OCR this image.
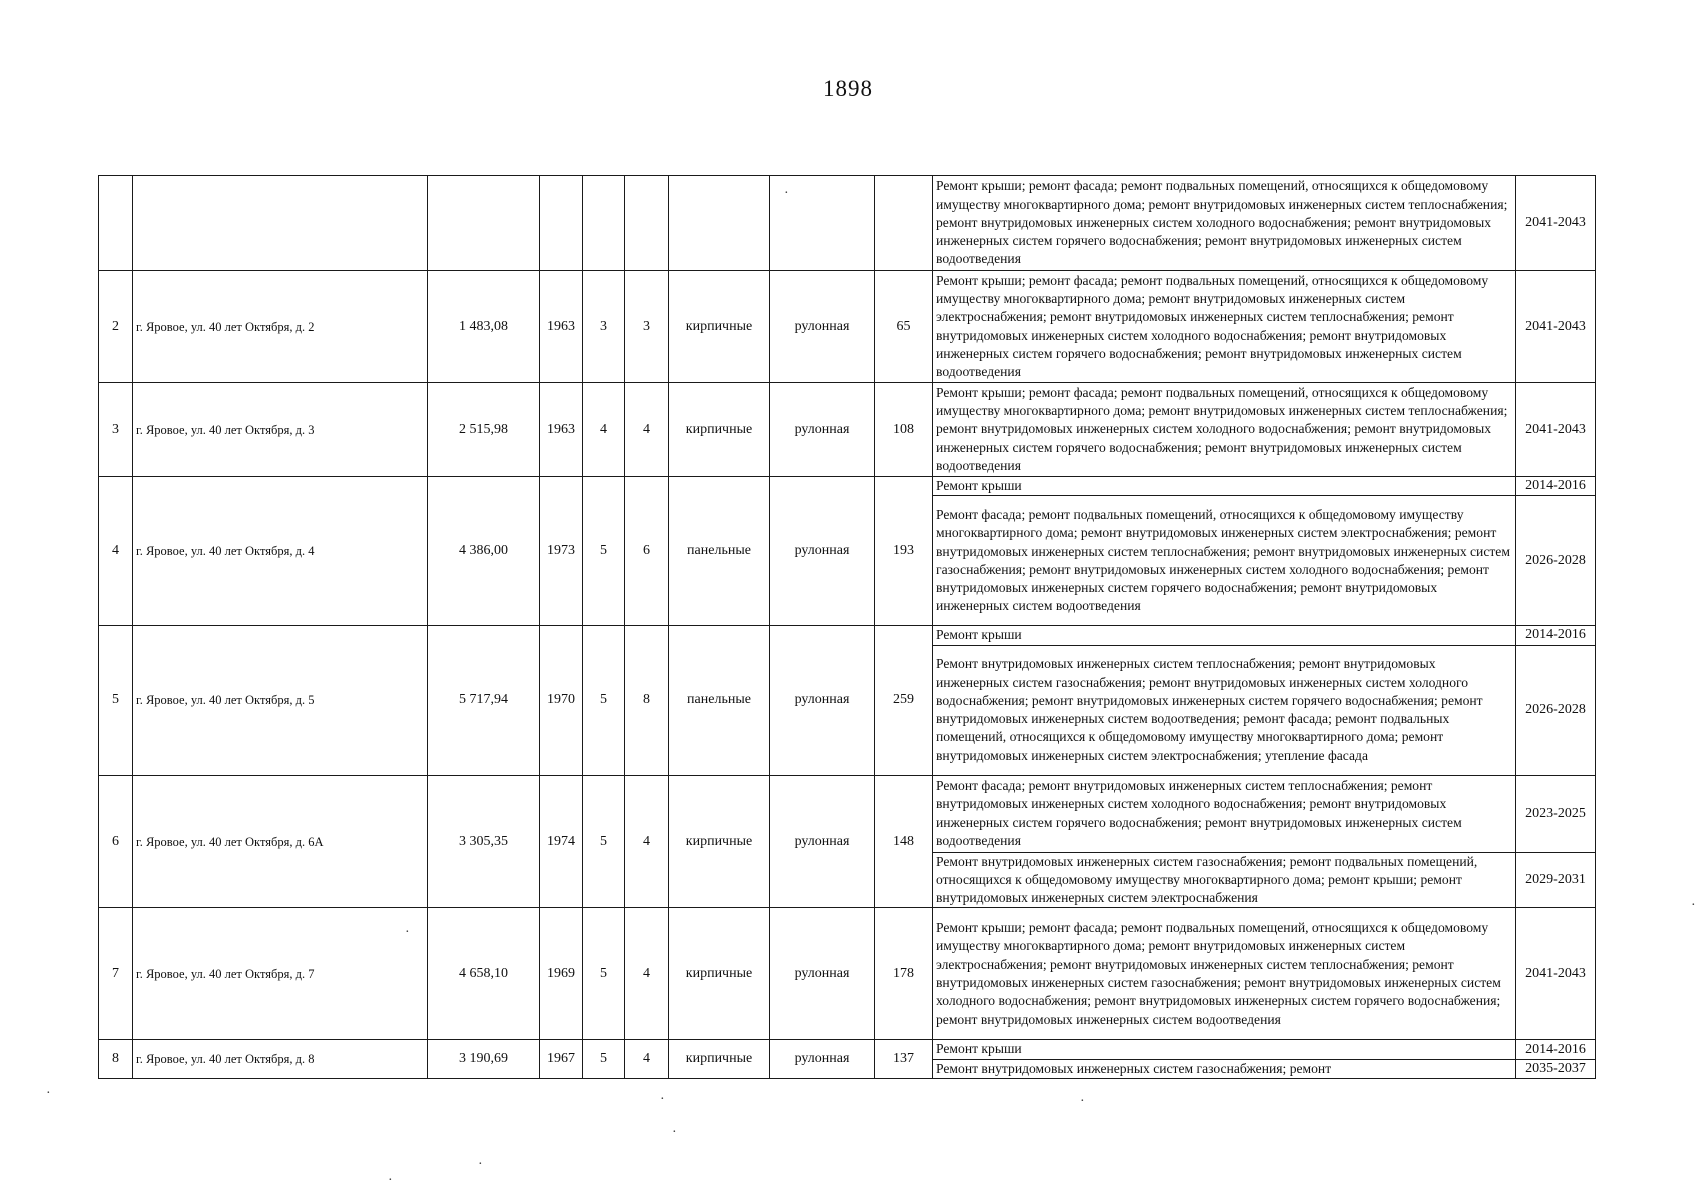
1898
									Ремонт крыши; ремонт фасада; ремонт подвальных помещений, относящихся к общедомовому имуществу многоквартирного дома; ремонт внутридомовых инженерных систем теплоснабжения; ремонт внутридомовых инженерных систем холодного водоснабжения; ремонт внутридомовых инженерных систем горячего водоснабжения; ремонт внутридомовых инженерных систем водоотведения	2041-2043
2	г. Яровое, ул. 40 лет Октября, д. 2	1 483,08	1963	3	3	кирпичные	рулонная	65	Ремонт крыши; ремонт фасада; ремонт подвальных помещений, относящихся к общедомовому имуществу многоквартирного дома; ремонт внутридомовых инженерных систем электроснабжения; ремонт внутридомовых инженерных систем теплоснабжения; ремонт внутридомовых инженерных систем холодного водоснабжения; ремонт внутридомовых инженерных систем горячего водоснабжения; ремонт внутридомовых инженерных систем водоотведения	2041-2043
3	г. Яровое, ул. 40 лет Октября, д. 3	2 515,98	1963	4	4	кирпичные	рулонная	108	Ремонт крыши; ремонт фасада; ремонт подвальных помещений, относящихся к общедомовому имуществу многоквартирного дома; ремонт внутридомовых инженерных систем теплоснабжения; ремонт внутридомовых инженерных систем холодного водоснабжения; ремонт внутридомовых инженерных систем горячего водоснабжения; ремонт внутридомовых инженерных систем водоотведения	2041-2043
4	г. Яровое, ул. 40 лет Октября, д. 4	4 386,00	1973	5	6	панельные	рулонная	193	Ремонт крыши	2014-2016
									Ремонт фасада; ремонт подвальных помещений, относящихся к общедомовому имуществу многоквартирного дома; ремонт внутридомовых инженерных систем электроснабжения; ремонт внутридомовых инженерных систем теплоснабжения; ремонт внутридомовых инженерных систем газоснабжения; ремонт внутридомовых инженерных систем холодного водоснабжения; ремонт внутридомовых инженерных систем горячего водоснабжения; ремонт внутридомовых инженерных систем водоотведения	2026-2028
5	г. Яровое, ул. 40 лет Октября, д. 5	5 717,94	1970	5	8	панельные	рулонная	259	Ремонт крыши	2014-2016
									Ремонт внутридомовых инженерных систем теплоснабжения; ремонт внутридомовых инженерных систем газоснабжения; ремонт внутридомовых инженерных систем холодного водоснабжения; ремонт внутридомовых инженерных систем горячего водоснабжения; ремонт внутридомовых инженерных систем водоотведения; ремонт фасада; ремонт подвальных помещений, относящихся к общедомовому имуществу многоквартирного дома; ремонт внутридомовых инженерных систем электроснабжения; утепление фасада	2026-2028
6	г. Яровое, ул. 40 лет Октября, д. 6А	3 305,35	1974	5	4	кирпичные	рулонная	148	Ремонт фасада; ремонт внутридомовых инженерных систем теплоснабжения; ремонт внутридомовых инженерных систем холодного водоснабжения; ремонт внутридомовых инженерных систем горячего водоснабжения; ремонт внутридомовых инженерных систем водоотведения	2023-2025
									Ремонт внутридомовых инженерных систем газоснабжения; ремонт подвальных помещений, относящихся к общедомовому имуществу многоквартирного дома; ремонт крыши; ремонт внутридомовых инженерных систем электроснабжения	2029-2031
7	г. Яровое, ул. 40 лет Октября, д. 7	4 658,10	1969	5	4	кирпичные	рулонная	178	Ремонт крыши; ремонт фасада; ремонт подвальных помещений, относящихся к общедомовому имуществу многоквартирного дома; ремонт внутридомовых инженерных систем электроснабжения; ремонт внутридомовых инженерных систем теплоснабжения; ремонт внутридомовых инженерных систем газоснабжения; ремонт внутридомовых инженерных систем холодного водоснабжения; ремонт внутридомовых инженерных систем горячего водоснабжения; ремонт внутридомовых инженерных систем водоотведения	2041-2043
8	г. Яровое, ул. 40 лет Октября, д. 8	3 190,69	1967	5	4	кирпичные	рулонная	137	Ремонт крыши	2014-2016
									Ремонт внутридомовых инженерных систем газоснабжения; ремонт	2035-2037
·
·
·
·	·
·
·
·
·
